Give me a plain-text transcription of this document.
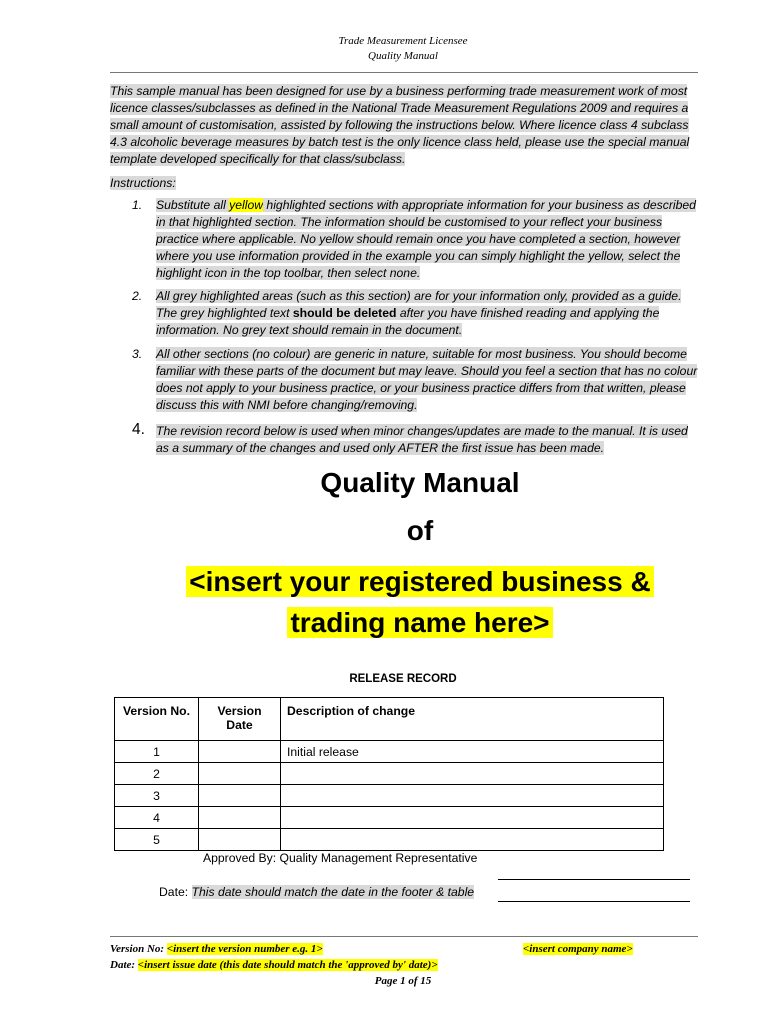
Trade Measurement Licensee
Quality Manual
This sample manual has been designed for use by a business performing trade measurement work of most licence classes/subclasses as defined in the National Trade Measurement Regulations 2009 and requires a small amount of customisation, assisted by following the instructions below. Where licence class 4 subclass 4.3 alcoholic beverage measures by batch test is the only licence class held, please use the special manual template developed specifically for that class/subclass.
Instructions:
1. Substitute all yellow highlighted sections with appropriate information for your business as described in that highlighted section. The information should be customised to your reflect your business practice where applicable. No yellow should remain once you have completed a section, however where you use information provided in the example you can simply highlight the yellow, select the highlight icon in the top toolbar, then select none.
2. All grey highlighted areas (such as this section) are for your information only, provided as a guide. The grey highlighted text should be deleted after you have finished reading and applying the information. No grey text should remain in the document.
3. All other sections (no colour) are generic in nature, suitable for most business. You should become familiar with these parts of the document but may leave. Should you feel a section that has no colour does not apply to your business practice, or your business practice differs from that written, please discuss this with NMI before changing/removing.
4. The revision record below is used when minor changes/updates are made to the manual. It is used as a summary of the changes and used only AFTER the first issue has been made.
Quality Manual
of
<insert your registered business &
trading name here>
RELEASE RECORD
Version No.	Version Date	Description of change
1		Initial release
2		
3		
4		
5		
Approved By: Quality Management Representative
Date: This date should match the date in the footer & table
Version No: <insert the version number e.g. 1>	<insert company name>
Date: <insert issue date (this date should match the 'approved by' date)>
Page 1 of 15
